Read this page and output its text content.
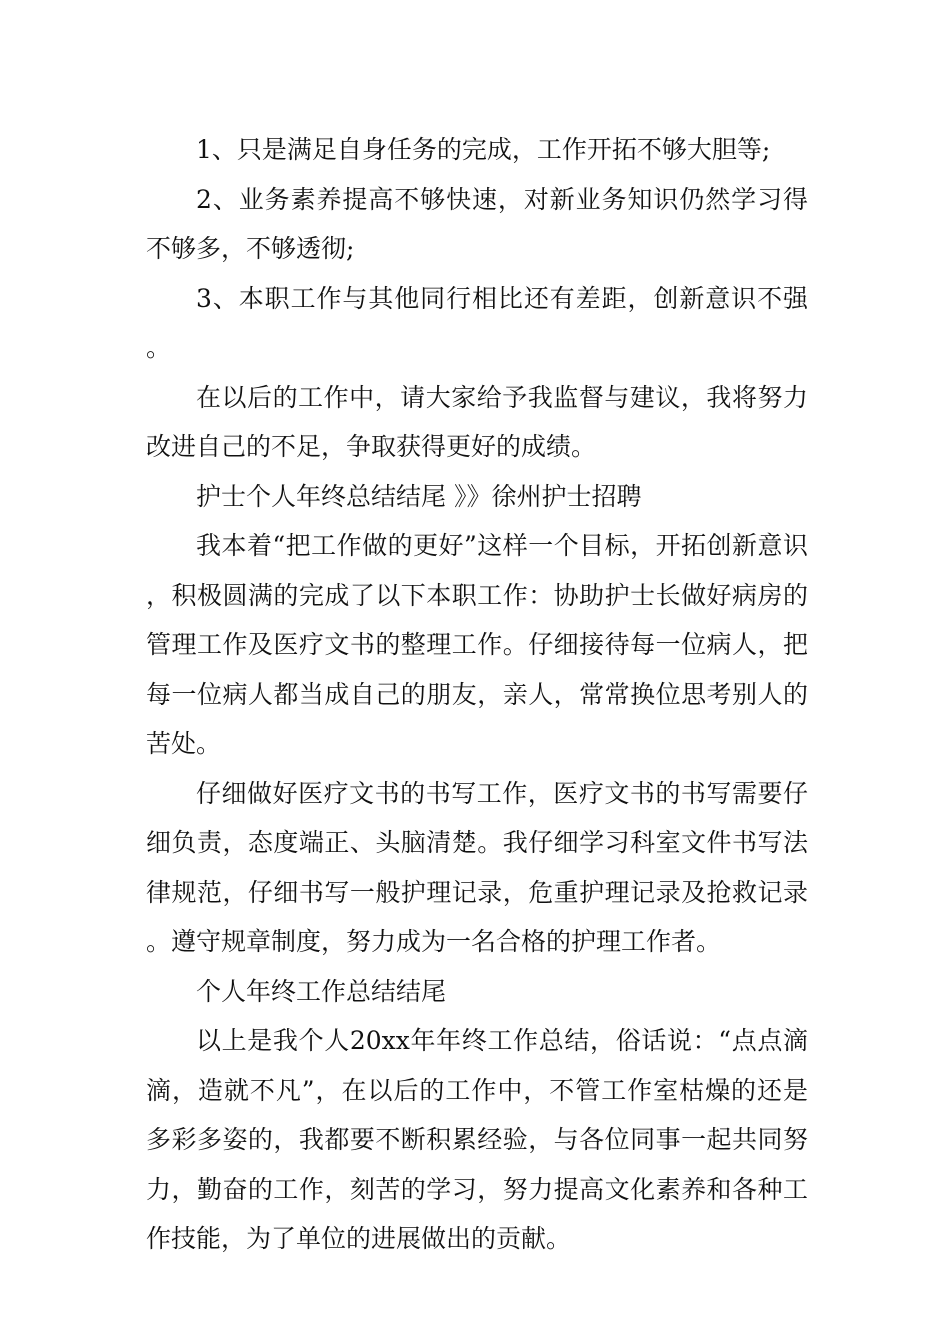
1、只是满足自身任务的完成，工作开拓不够大胆等;

2、业务素养提高不够快速，对新业务知识仍然学习得不够多，不够透彻;

3、本职工作与其他同行相比还有差距，创新意识不强。

在以后的工作中，请大家给予我监督与建议，我将努力改进自己的不足，争取获得更好的成绩。

护士个人年终总结结尾 》》徐州护士招聘

我本着“把工作做的更好”这样一个目标，开拓创新意识，积极圆满的完成了以下本职工作：协助护士长做好病房的管理工作及医疗文书的整理工作。仔细接待每一位病人，把每一位病人都当成自己的朋友，亲人，常常换位思考别人的苦处。

仔细做好医疗文书的书写工作，医疗文书的书写需要仔细负责，态度端正、头脑清楚。我仔细学习科室文件书写法律规范，仔细书写一般护理记录，危重护理记录及抢救记录。遵守规章制度，努力成为一名合格的护理工作者。

个人年终工作总结结尾

以上是我个人20xx年年终工作总结，俗话说：“点点滴滴，造就不凡”，在以后的工作中，不管工作室枯燥的还是多彩多姿的，我都要不断积累经验，与各位同事一起共同努力，勤奋的工作，刻苦的学习，努力提高文化素养和各种工作技能，为了单位的进展做出的贡献。
